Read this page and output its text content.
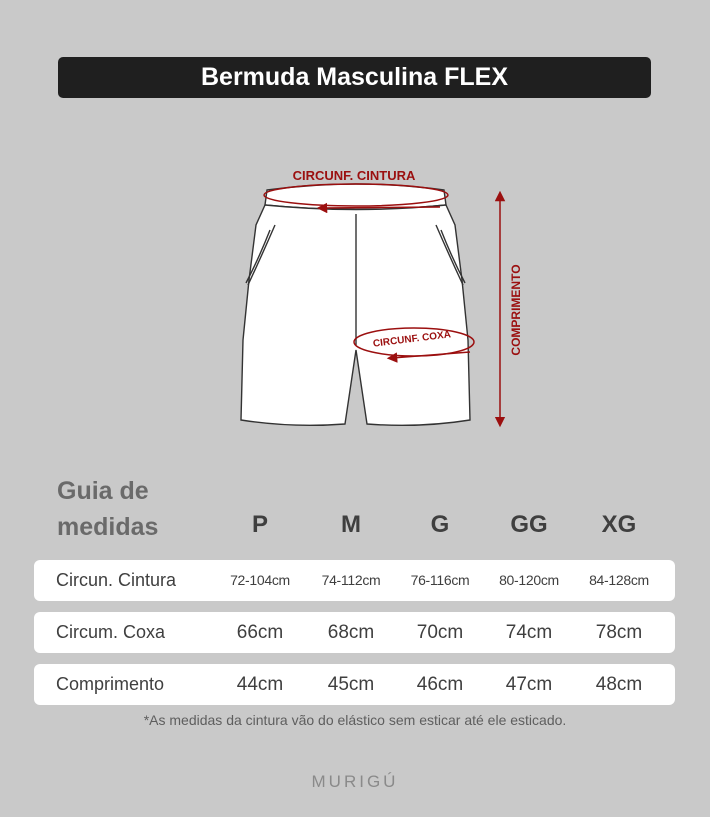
Bermuda Masculina FLEX
CIRCUNF. CINTURA
CIRCUNF. COXA	COMPRIMENTO
Guia de
medidas	P	M	G	GG	XG
Circun. Cintura	72-104cm	74-112cm	76-116cm	80-120cm	84-128cm
Circum. Coxa	66cm	68cm	70cm	74cm	78cm
Comprimento	44cm	45cm	46cm	47cm	48cm
*As medidas da cintura vão do elástico sem esticar até ele esticado.
MURIGÚ
